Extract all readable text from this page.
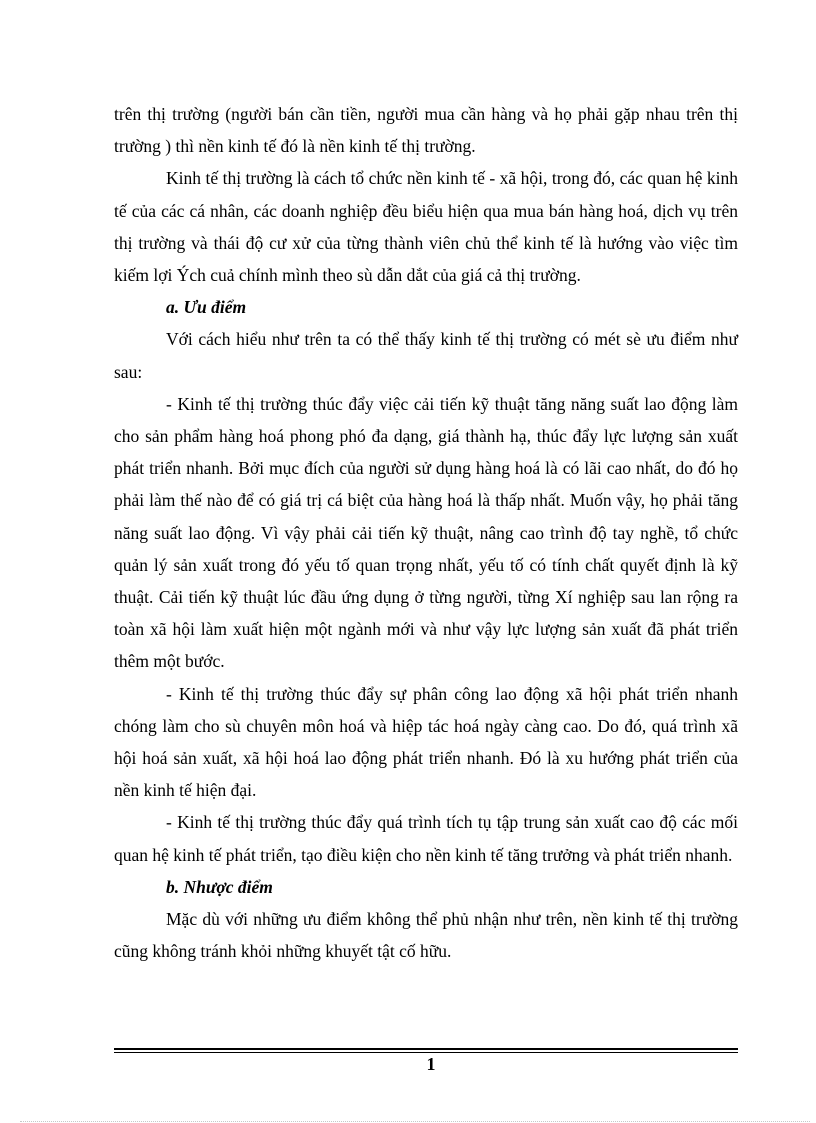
trên thị trường (người bán cần tiền, người mua cần hàng và họ phải gặp nhau trên thị trường ) thì nền kinh tế đó là nền kinh tế thị trường.

Kinh tế thị trường là cách tổ chức nền kinh tế - xã hội, trong đó, các quan hệ kinh tế của các cá nhân, các doanh nghiệp đều biểu hiện qua mua bán hàng hoá, dịch vụ trên thị trường và thái độ cư xử của từng thành viên chủ thể kinh tế là hướng vào việc tìm kiếm lợi Ých cuả chính mình theo sù dẫn dắt của giá cả thị trường.

a. Ưu điểm

Với cách hiểu như trên ta có thể thấy kinh tế thị trường có mét sè ưu điểm như sau:

- Kinh tế thị trường thúc đẩy việc cải tiến kỹ thuật tăng năng suất lao động làm cho sản phẩm hàng hoá phong phó đa dạng, giá thành hạ, thúc đẩy lực lượng sản xuất phát triển nhanh. Bởi mục đích của người sử dụng hàng hoá là có lãi cao nhất, do đó họ phải làm thế nào để có giá trị cá biệt của hàng hoá là thấp nhất. Muốn vậy, họ phải tăng năng suất lao động. Vì vậy phải cải tiến kỹ thuật, nâng cao trình độ tay nghề, tổ chức quản lý sản xuất trong đó yếu tố quan trọng nhất, yếu tố có tính chất quyết định là kỹ thuật. Cải tiến kỹ thuật lúc đầu ứng dụng ở từng người, từng Xí nghiệp sau lan rộng ra toàn xã hội làm xuất hiện một ngành mới và như vậy lực lượng sản xuất đã phát triển thêm một bước.

- Kinh tế thị trường thúc đẩy sự phân công lao động xã hội phát triển nhanh chóng làm cho sù chuyên môn hoá và hiệp tác hoá ngày càng cao. Do đó, quá trình xã hội hoá sản xuất, xã hội hoá lao động phát triển nhanh. Đó là xu hướng phát triển của nền kinh tế hiện đại.

- Kinh tế thị trường thúc đẩy quá trình tích tụ tập trung sản xuất cao độ các mối quan hệ kinh tế phát triển, tạo điều kiện cho nền kinh tế tăng trưởng và phát triển nhanh.

b. Nhược điểm

Mặc dù với những ưu điểm không thể phủ nhận như trên, nền kinh tế thị trường cũng không tránh khỏi những khuyết tật cố hữu.

1
